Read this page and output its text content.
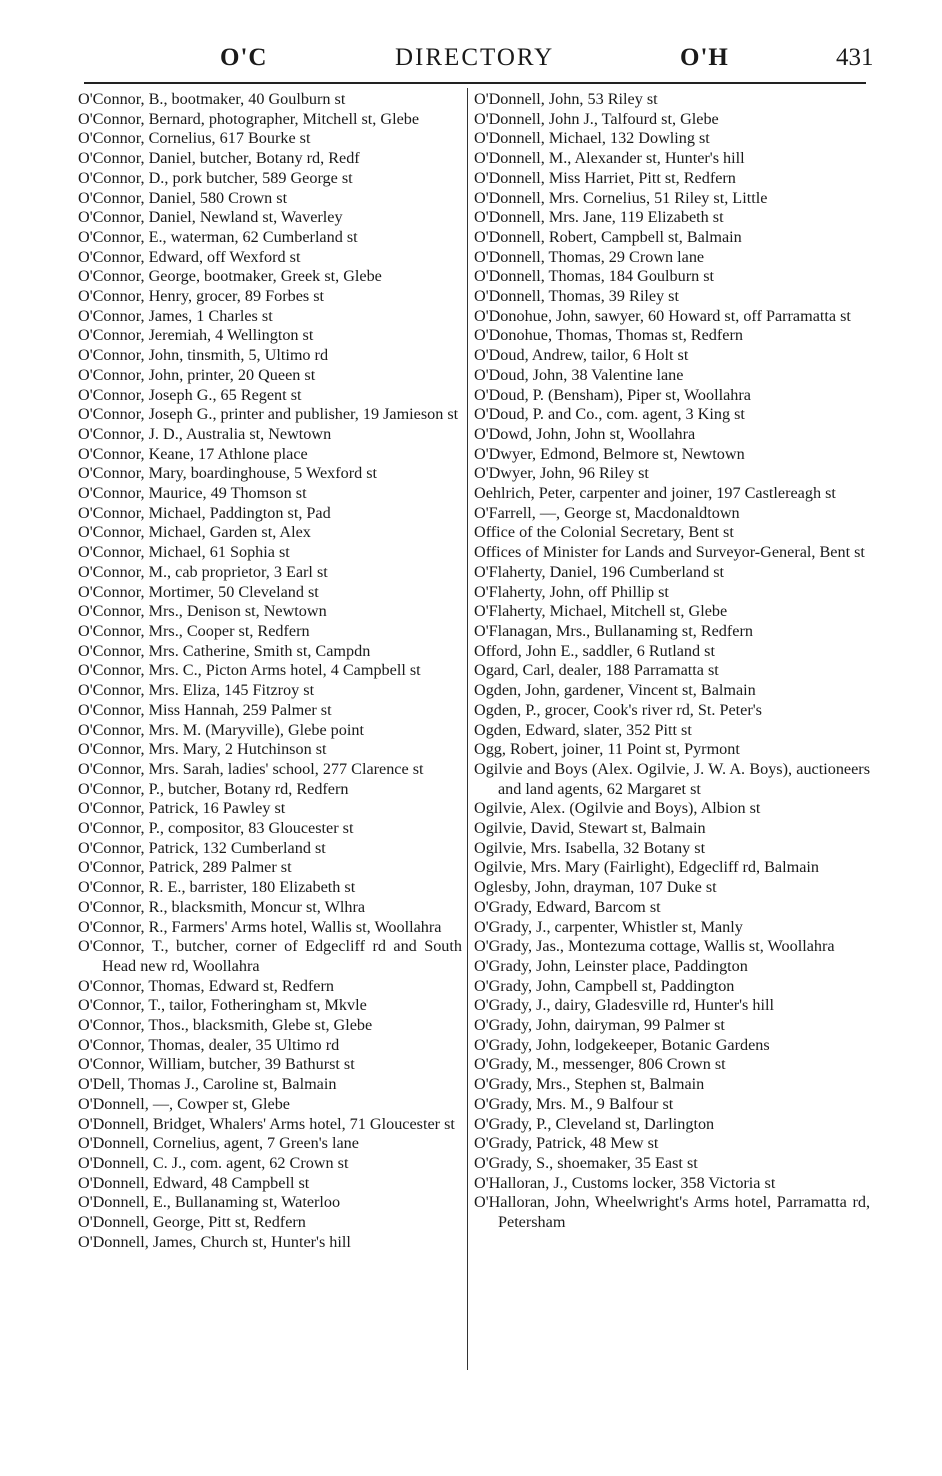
O'C	DIRECTORY	O'H	431

O'Connor, B., bootmaker, 40 Goulburn st

O'Connor, Bernard, photographer, Mitchell st, Glebe

O'Connor, Cornelius, 617 Bourke st

O'Connor, Daniel, butcher, Botany rd, Redf

O'Connor, D., pork butcher, 589 George st

O'Connor, Daniel, 580 Crown st

O'Connor, Daniel, Newland st, Waverley

O'Connor, E., waterman, 62 Cumberland st

O'Connor, Edward, off Wexford st

O'Connor, George, bootmaker, Greek st, Glebe

O'Connor, Henry, grocer, 89 Forbes st

O'Connor, James, 1 Charles st

O'Connor, Jeremiah, 4 Wellington st

O'Connor, John, tinsmith, 5, Ultimo rd

O'Connor, John, printer, 20 Queen st

O'Connor, Joseph G., 65 Regent st

O'Connor, Joseph G., printer and publisher, 19 Jamieson st

O'Connor, J. D., Australia st, Newtown

O'Connor, Keane, 17 Athlone place

O'Connor, Mary, boardinghouse, 5 Wexford st

O'Connor, Maurice, 49 Thomson st

O'Connor, Michael, Paddington st, Pad

O'Connor, Michael, Garden st, Alex

O'Connor, Michael, 61 Sophia st

O'Connor, M., cab proprietor, 3 Earl st

O'Connor, Mortimer, 50 Cleveland st

O'Connor, Mrs., Denison st, Newtown

O'Connor, Mrs., Cooper st, Redfern

O'Connor, Mrs. Catherine, Smith st, Campdn

O'Connor, Mrs. C., Picton Arms hotel, 4 Campbell st

O'Connor, Mrs. Eliza, 145 Fitzroy st

O'Connor, Miss Hannah, 259 Palmer st

O'Connor, Mrs. M. (Maryville), Glebe point

O'Connor, Mrs. Mary, 2 Hutchinson st

O'Connor, Mrs. Sarah, ladies' school, 277 Clarence st

O'Connor, P., butcher, Botany rd, Redfern

O'Connor, Patrick, 16 Pawley st

O'Connor, P., compositor, 83 Gloucester st

O'Connor, Patrick, 132 Cumberland st

O'Connor, Patrick, 289 Palmer st

O'Connor, R. E., barrister, 180 Elizabeth st

O'Connor, R., blacksmith, Moncur st, Wlhra

O'Connor, R., Farmers' Arms hotel, Wallis st, Woollahra

O'Connor, T., butcher, corner of Edgecliff rd and South Head new rd, Woollahra

O'Connor, Thomas, Edward st, Redfern

O'Connor, T., tailor, Fotheringham st, Mkvle

O'Connor, Thos., blacksmith, Glebe st, Glebe

O'Connor, Thomas, dealer, 35 Ultimo rd

O'Connor, William, butcher, 39 Bathurst st

O'Dell, Thomas J., Caroline st, Balmain

O'Donnell, —, Cowper st, Glebe

O'Donnell, Bridget, Whalers' Arms hotel, 71 Gloucester st

O'Donnell, Cornelius, agent, 7 Green's lane

O'Donnell, C. J., com. agent, 62 Crown st

O'Donnell, Edward, 48 Campbell st

O'Donnell, E., Bullanaming st, Waterloo

O'Donnell, George, Pitt st, Redfern

O'Donnell, James, Church st, Hunter's hill

O'Donnell, John, 53 Riley st

O'Donnell, John J., Talfourd st, Glebe

O'Donnell, Michael, 132 Dowling st

O'Donnell, M., Alexander st, Hunter's hill

O'Donnell, Miss Harriet, Pitt st, Redfern

O'Donnell, Mrs. Cornelius, 51 Riley st, Little

O'Donnell, Mrs. Jane, 119 Elizabeth st

O'Donnell, Robert, Campbell st, Balmain

O'Donnell, Thomas, 29 Crown lane

O'Donnell, Thomas, 184 Goulburn st

O'Donnell, Thomas, 39 Riley st

O'Donohue, John, sawyer, 60 Howard st, off Parramatta st

O'Donohue, Thomas, Thomas st, Redfern

O'Doud, Andrew, tailor, 6 Holt st

O'Doud, John, 38 Valentine lane

O'Doud, P. (Bensham), Piper st, Woollahra

O'Doud, P. and Co., com. agent, 3 King st

O'Dowd, John, John st, Woollahra

O'Dwyer, Edmond, Belmore st, Newtown

O'Dwyer, John, 96 Riley st

Oehlrich, Peter, carpenter and joiner, 197 Castlereagh st

O'Farrell, —, George st, Macdonaldtown

Office of the Colonial Secretary, Bent st

Offices of Minister for Lands and Surveyor-General, Bent st

O'Flaherty, Daniel, 196 Cumberland st

O'Flaherty, John, off Phillip st

O'Flaherty, Michael, Mitchell st, Glebe

O'Flanagan, Mrs., Bullanaming st, Redfern

Offord, John E., saddler, 6 Rutland st

Ogard, Carl, dealer, 188 Parramatta st

Ogden, John, gardener, Vincent st, Balmain

Ogden, P., grocer, Cook's river rd, St. Peter's

Ogden, Edward, slater, 352 Pitt st

Ogg, Robert, joiner, 11 Point st, Pyrmont

Ogilvie and Boys (Alex. Ogilvie, J. W. A. Boys), auctioneers and land agents, 62 Margaret st

Ogilvie, Alex. (Ogilvie and Boys), Albion st

Ogilvie, David, Stewart st, Balmain

Ogilvie, Mrs. Isabella, 32 Botany st

Ogilvie, Mrs. Mary (Fairlight), Edgecliff rd, Balmain

Oglesby, John, drayman, 107 Duke st

O'Grady, Edward, Barcom st

O'Grady, J., carpenter, Whistler st, Manly

O'Grady, Jas., Montezuma cottage, Wallis st, Woollahra

O'Grady, John, Leinster place, Paddington

O'Grady, John, Campbell st, Paddington

O'Grady, J., dairy, Gladesville rd, Hunter's hill

O'Grady, John, dairyman, 99 Palmer st

O'Grady, John, lodgekeeper, Botanic Gardens

O'Grady, M., messenger, 806 Crown st

O'Grady, Mrs., Stephen st, Balmain

O'Grady, Mrs. M., 9 Balfour st

O'Grady, P., Cleveland st, Darlington

O'Grady, Patrick, 48 Mew st

O'Grady, S., shoemaker, 35 East st

O'Halloran, J., Customs locker, 358 Victoria st

O'Halloran, John, Wheelwright's Arms hotel, Parramatta rd, Petersham
